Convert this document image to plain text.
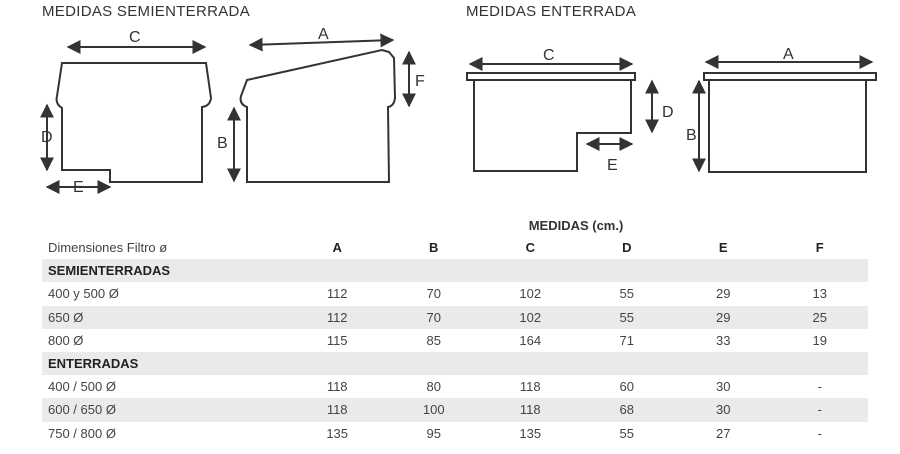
MEDIDAS SEMIENTERRADA	MEDIDAS ENTERRADA
C
D
E
A
B
F
C
D
E
A
B
MEDIDAS (cm.)
Dimensiones Filtro ø	A	B	C	D	E	F
SEMIENTERRADAS						
400 y 500 Ø	112	70	102	55	29	13
650 Ø	112	70	102	55	29	25
800 Ø	115	85	164	71	33	19
ENTERRADAS						
400 / 500 Ø	118	80	118	60	30	-
600 / 650 Ø	118	100	118	68	30	-
750 / 800 Ø	135	95	135	55	27	-
